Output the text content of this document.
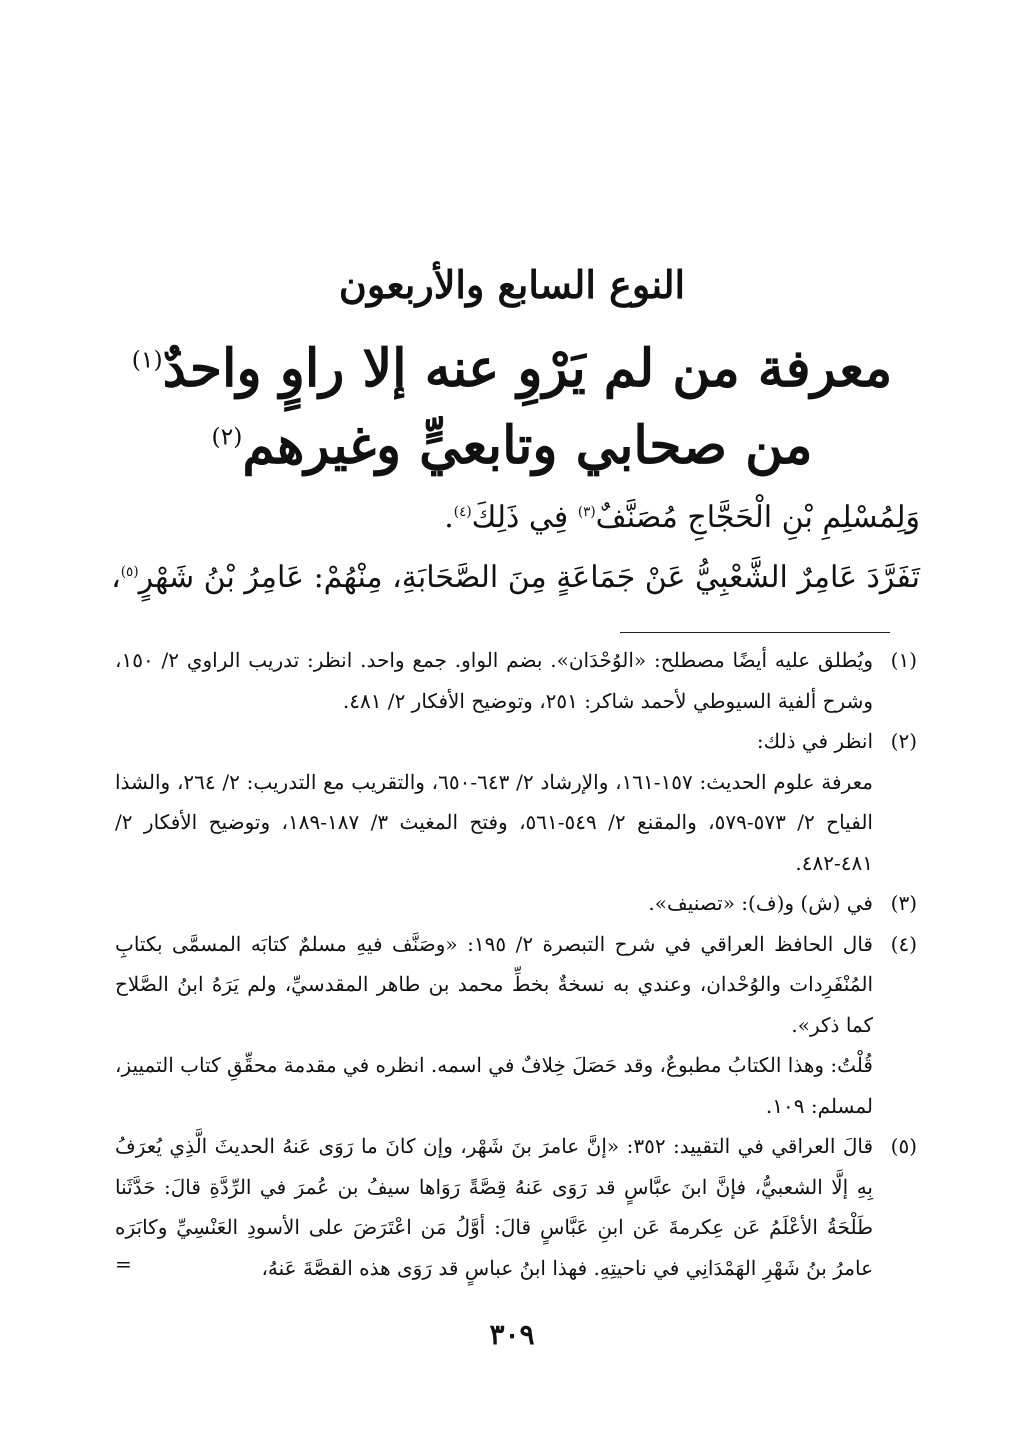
النوع السابع والأربعون
معرفة من لم يَرْوِ عنه إلا راوٍ واحدٌ$^{(١)}$
من صحابي وتابعيٍّ وغيرهم$^{(٢)}$
وَلِمُسْلِمِ بْنِ الْحَجَّاجِ مُصَنَّفٌ$^{(٣)}$ فِي ذَلِكَ$^{(٤)}$.
تَفَرَّدَ عَامِرٌ الشَّعْبِيُّ عَنْ جَمَاعَةٍ مِنَ الصَّحَابَةِ، مِنْهُمْ: عَامِرُ بْنُ شَهْرٍ$^{(٥)}$،
(١)
ويُطلق عليه أيضًا مصطلح: «الوُحْدَان». بضم الواو. جمع واحد. انظر: تدريب الراوي ٢/ ١٥٠، وشرح ألفية السيوطي لأحمد شاكر: ٢٥١، وتوضيح الأفكار ٢/ ٤٨١.
(٢)
انظر في ذلك:
معرفة علوم الحديث: ١٥٧-١٦١، والإرشاد ٢/ ٦٤٣-٦٥٠، والتقريب مع التدريب: ٢/ ٢٦٤، والشذا الفياح ٢/ ٥٧٣-٥٧٩، والمقنع ٢/ ٥٤٩-٥٦١، وفتح المغيث ٣/ ١٨٧-١٨٩، وتوضيح الأفكار ٢/ ٤٨١-٤٨٢.
(٣)
في (ش) و(ف): «تصنيف».
(٤)
قال الحافظ العراقي في شرح التبصرة ٢/ ١٩٥: «وصَنَّف فيهِ مسلمٌ كتابَه المسمَّى بكتابِ المُنْفَرِدات والوُحْدان، وعندي به نسخةٌ بخطِّ محمد بن طاهر المقدسيِّ، ولم يَرَهُ ابنُ الصَّلاح كما ذكر».
قُلْتُ: وهذا الكتابُ مطبوعٌ، وقد حَصَلَ خِلافٌ في اسمه. انظره في مقدمة محقِّقِ كتاب التمييز، لمسلم: ١٠٩.
(٥)
قالَ العراقي في التقييد: ٣٥٢: «إنَّ عامرَ بنَ شَهْر، وإن كانَ ما رَوَى عَنهُ الحديثَ الَّذِي يُعرَفُ بِهِ إلَّا الشعبيُّ، فإنَّ ابنَ عبَّاسٍ قد رَوَى عَنهُ قِصَّةً رَوَاها سيفُ بن عُمرَ في الرِّدَّةِ قالَ: حَدَّثَنا طَلْحَةُ الأعْلَمُ عَن عِكرمةَ عَن ابنِ عَبَّاسٍ قالَ: أوَّلُ مَن اعْتَرَضَ على الأسودِ العَنْسِيِّ وكابَرَه عامرُ بنُ شَهْرِ الهَمْدَانِي في ناحيتِهِ. فهذا ابنُ عباسٍ قد رَوَى هذه القصَّةَ عَنهُ،
=
٣٠٩
